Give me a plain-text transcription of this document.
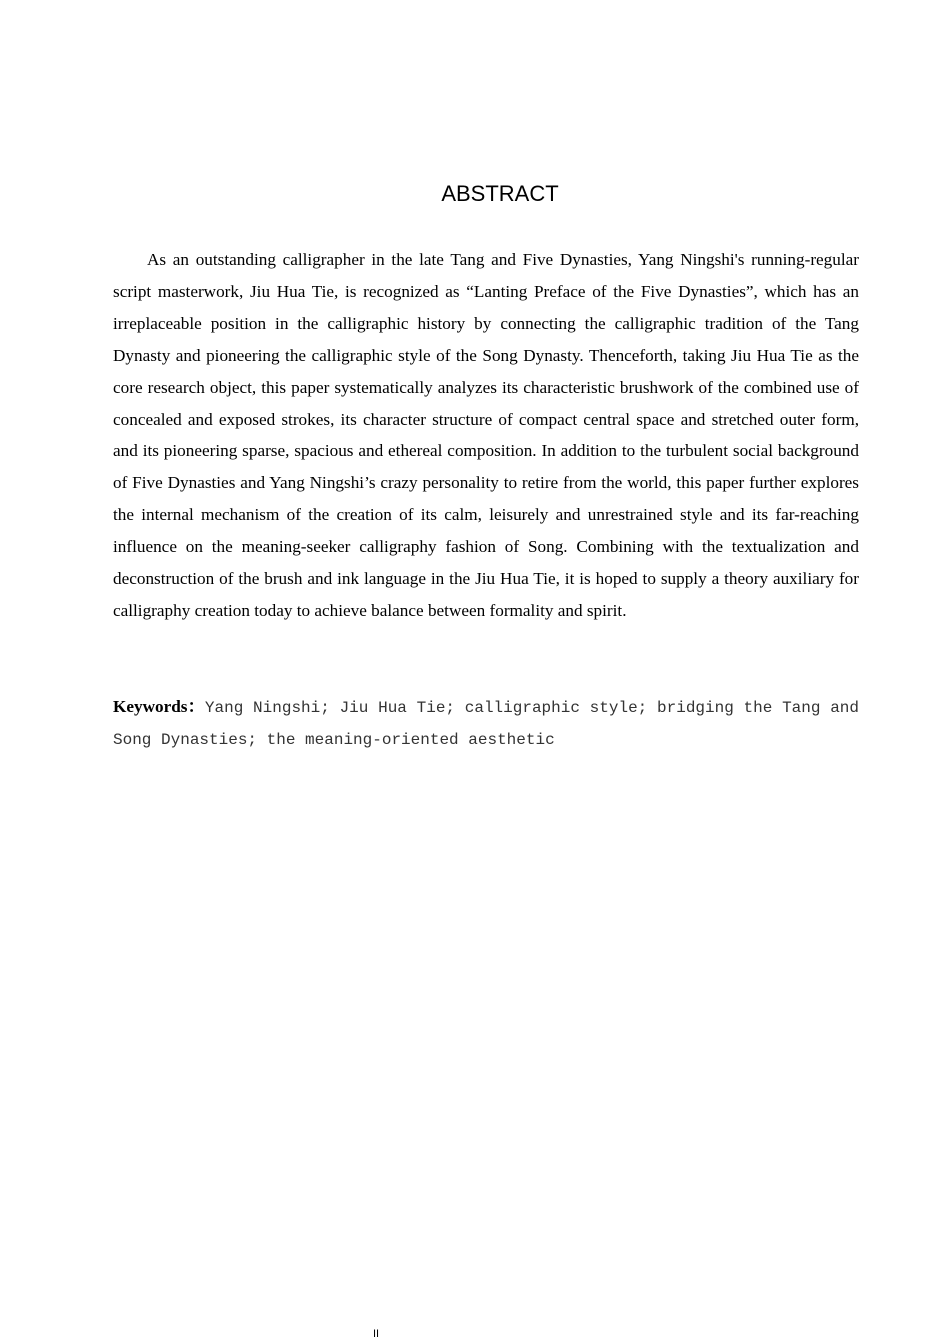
ABSTRACT

As an outstanding calligrapher in the late Tang and Five Dynasties, Yang Ningshi's running-regular script masterwork, Jiu Hua Tie, is recognized as “Lanting Preface of the Five Dynasties”, which has an irreplaceable position in the calligraphic history by connecting the calligraphic tradition of the Tang Dynasty and pioneering the calligraphic style of the Song Dynasty. Thenceforth, taking Jiu Hua Tie as the core research object, this paper systematically analyzes its characteristic brushwork of the combined use of concealed and exposed strokes, its character structure of compact central space and stretched outer form, and its pioneering sparse, spacious and ethereal composition. In addition to the turbulent social background of Five Dynasties and Yang Ningshi’s crazy personality to retire from the world, this paper further explores the internal mechanism of the creation of its calm, leisurely and unrestrained style and its far-reaching influence on the meaning-seeker calligraphy fashion of Song. Combining with the textualization and deconstruction of the brush and ink language in the Jiu Hua Tie, it is hoped to supply a theory auxiliary for calligraphy creation today to achieve balance between formality and spirit.

Keywords：Yang Ningshi; Jiu Hua Tie; calligraphic style; bridging the Tang and Song Dynasties; the meaning-oriented aesthetic

II
